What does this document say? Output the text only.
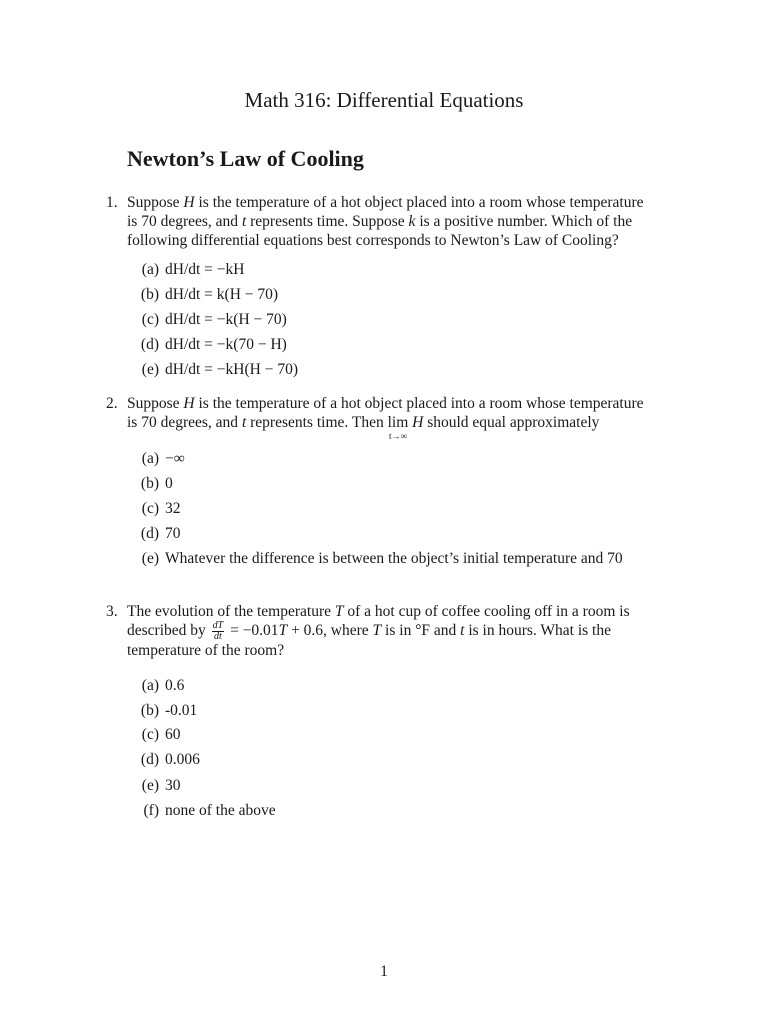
Math 316: Differential Equations
Newton’s Law of Cooling
1. Suppose H is the temperature of a hot object placed into a room whose temperature
is 70 degrees, and t represents time. Suppose k is a positive number. Which of the
following differential equations best corresponds to Newton’s Law of Cooling?
(a) dH/dt = −kH
(b) dH/dt = k(H − 70)
(c) dH/dt = −k(H − 70)
(d) dH/dt = −k(70 − H)
(e) dH/dt = −kH(H − 70)
2. Suppose H is the temperature of a hot object placed into a room whose temperature
is 70 degrees, and t represents time. Then lim
t→∞
H should equal approximately
(a) −∞
(b) 0
(c) 32
(d) 70
(e) Whatever the difference is between the object’s initial temperature and 70
3. The evolution of the temperature T of a hot cup of coffee cooling off in a room is
described by $\frac{dT}{dt} = -0.01T + 0.6$, where T is in °F and t is in hours. What is the
temperature of the room?
(a) 0.6
(b) -0.01
(c) 60
(d) 0.006
(e) 30
(f) none of the above
1
